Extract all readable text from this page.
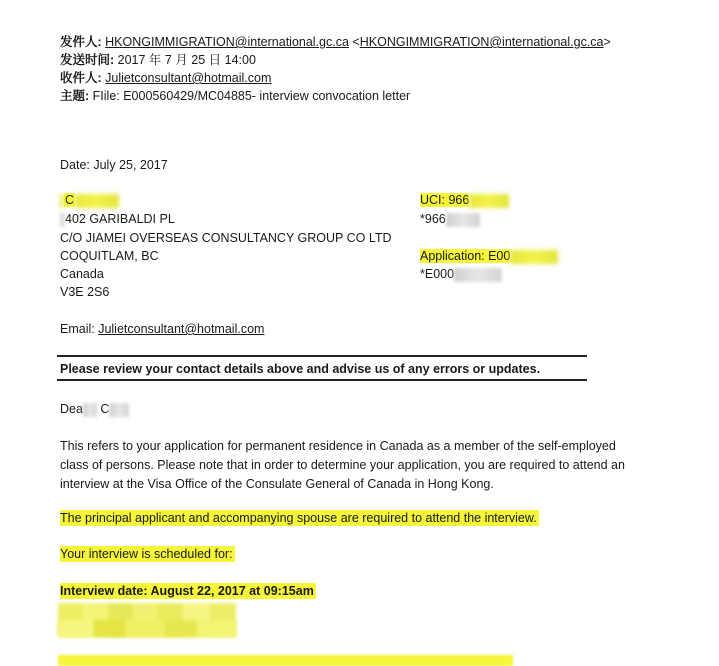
发件人: HKONGIMMIGRATION@international.gc.ca <HKONGIMMIGRATION@international.gc.ca>
发送时间: 2017 年 7 月 25 日 14:00
收件人: Julietconsultant@hotmail.com
主题: FIile: E000560429/MC04885- interview convocation letter
Date: July 25, 2017
C
402 GARIBALDI PL
C/O JIAMEI OVERSEAS CONSULTANCY GROUP CO LTD
COQUITLAM, BC
Canada
V3E 2S6
UCI: 966
*966
Application: E00
*E000
Email: Julietconsultant@hotmail.com
Please review your contact details above and advise us of any errors or updates.
Dea C
This refers to your application for permanent residence in Canada as a member of the self-employed class of persons. Please note that in order to determine your application, you are required to attend an interview at the Visa Office of the Consulate General of Canada in Hong Kong.
The principal applicant and accompanying spouse are required to attend the interview.
Your interview is scheduled for:
Interview date: August 22, 2017 at 09:15am
